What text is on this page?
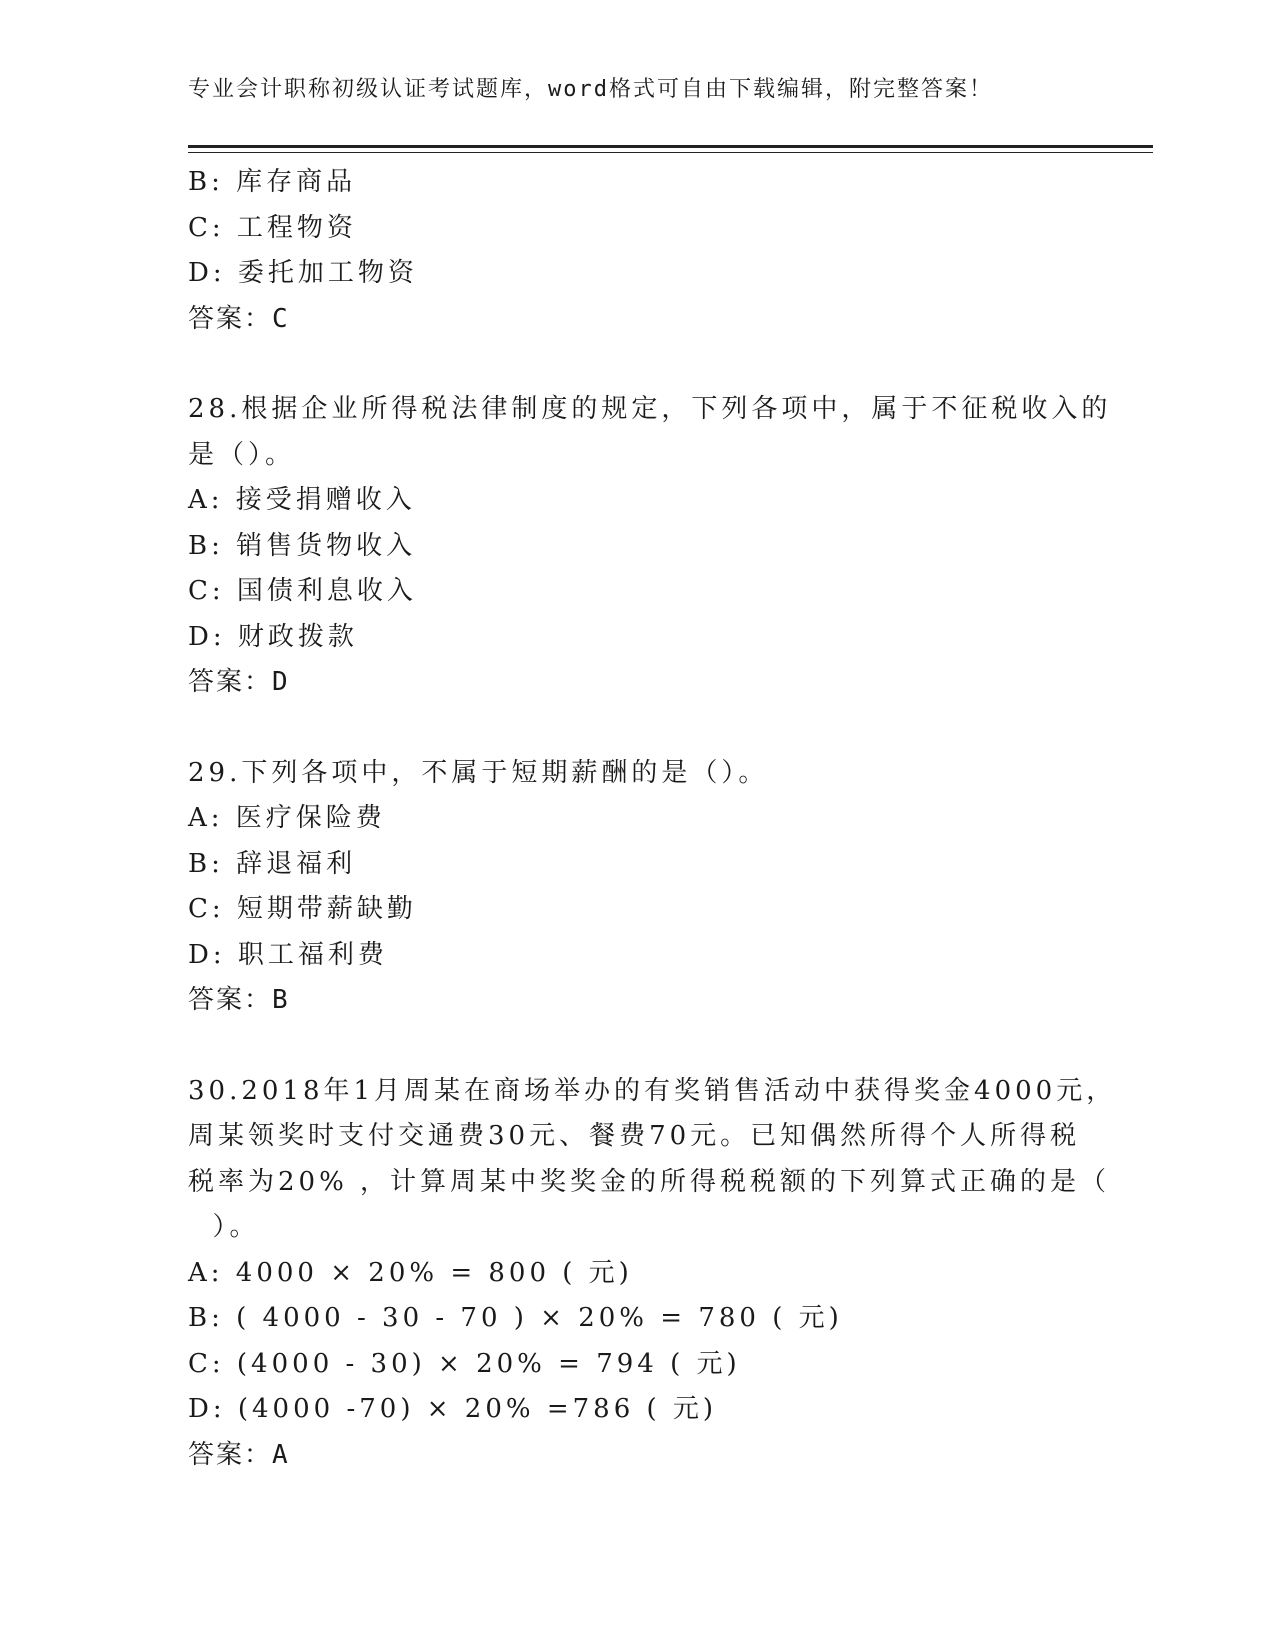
专业会计职称初级认证考试题库，word格式可自由下载编辑，附完整答案！
B: 库存商品
C: 工程物资
D: 委托加工物资
答案：C
28.根据企业所得税法律制度的规定，下列各项中，属于不征税收入的
是（）。
A: 接受捐赠收入
B: 销售货物收入
C: 国债利息收入
D: 财政拨款
答案：D
29.下列各项中，不属于短期薪酬的是（）。
A: 医疗保险费
B: 辞退福利
C: 短期带薪缺勤
D: 职工福利费
答案：B
30.2018年1月周某在商场举办的有奖销售活动中获得奖金4000元，
周某领奖时支付交通费30元、餐费70元。已知偶然所得个人所得税
税率为20% ，计算周某中奖奖金的所得税税额的下列算式正确的是（
）。
A: 4000 × 20% = 800 ( 元)
B: ( 4000 - 30 - 70 ) × 20% = 780 ( 元)
C: (4000 - 30) × 20% = 794 ( 元)
D: (4000 -70) × 20% =786 ( 元)
答案：A
